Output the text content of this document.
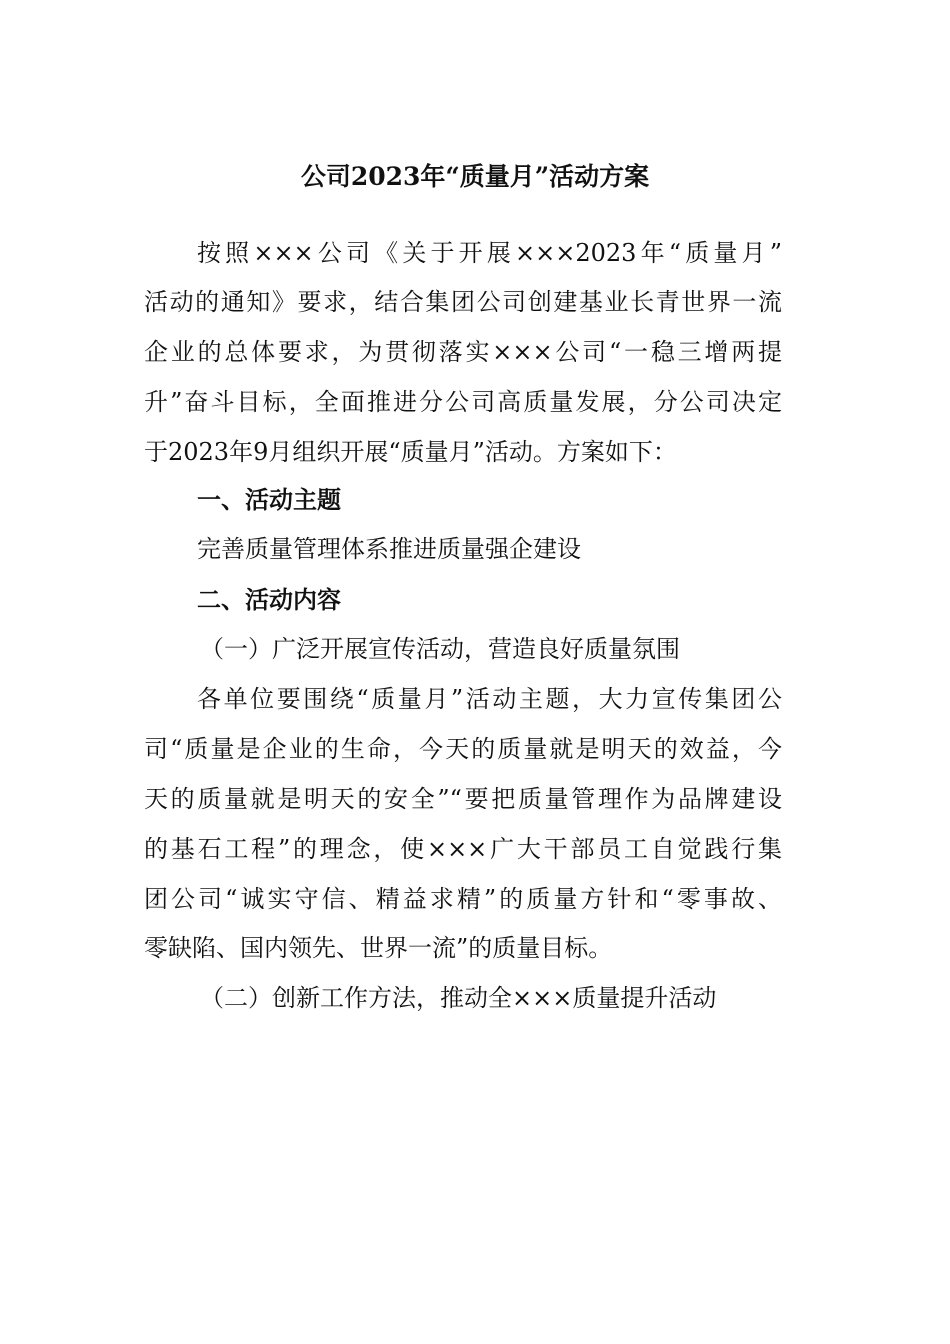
公司2023年“质量月”活动方案
按照×××公司《关于开展×××2023年“质量月”
活动的通知》要求，结合集团公司创建基业长青世界一流
企业的总体要求，为贯彻落实×××公司“一稳三增两提
升”奋斗目标，全面推进分公司高质量发展，分公司决定
于2023年9月组织开展“质量月”活动。方案如下：
一、活动主题
完善质量管理体系推进质量强企建设
二、活动内容
（一）广泛开展宣传活动，营造良好质量氛围
各单位要围绕“质量月”活动主题，大力宣传集团公
司“质量是企业的生命，今天的质量就是明天的效益，今
天的质量就是明天的安全”“要把质量管理作为品牌建设
的基石工程”的理念，使×××广大干部员工自觉践行集
团公司“诚实守信、精益求精”的质量方针和“零事故、
零缺陷、国内领先、世界一流”的质量目标。
（二）创新工作方法，推动全×××质量提升活动
